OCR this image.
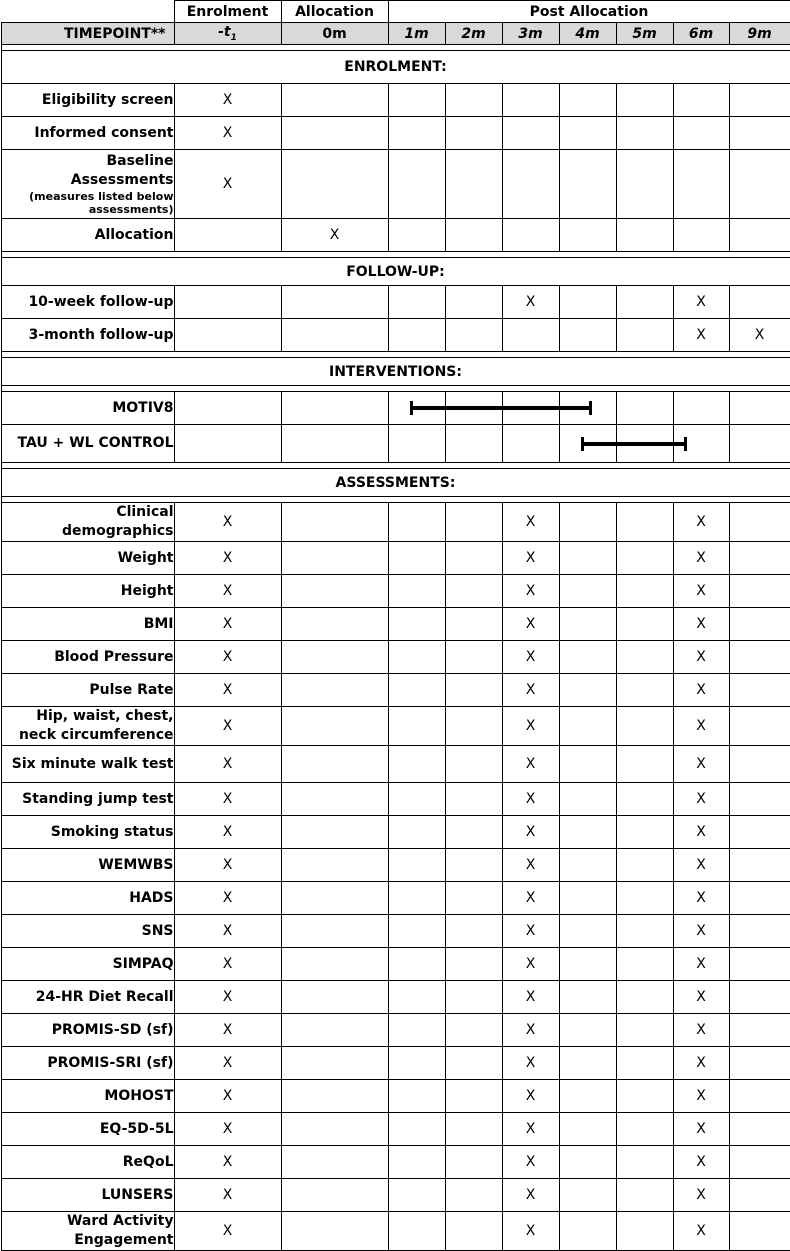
	Enrolment	Allocation	Post Allocation						
TIMEPOINT**	$-t_1$	0m	1m	2m	3m	4m	5m	6m	9m

ENROLMENT:									
Eligibility screen	X								
Informed consent	X								
Baseline Assessments
(measures listed below assessments)	X								
Allocation		X							

FOLLOW-UP:									
10-week follow-up					X			X	
3-month follow-up								X	X

INTERVENTIONS:									

MOTIV8			

TAU + WL CONTROL						

ASSESSMENTS:									

Clinical demographics	X				X			X	
Weight	X				X			X	
Height	X				X			X	
BMI	X				X			X	
Blood Pressure	X				X			X	
Pulse Rate	X				X			X	
Hip, waist, chest, neck circumference	X				X			X	
Six minute walk test	X				X			X	
Standing jump test	X				X			X	
Smoking status	X				X			X	
WEMWBS	X				X			X	
HADS	X				X			X	
SNS	X				X			X	
SIMPAQ	X				X			X	
24-HR Diet Recall	X				X			X	
PROMIS-SD (sf)	X				X			X	
PROMIS-SRI (sf)	X				X			X	
MOHOST	X				X			X	
EQ-5D-5L	X				X			X	
ReQoL	X				X			X	
LUNSERS	X				X			X	
Ward Activity Engagement	X				X			X	
